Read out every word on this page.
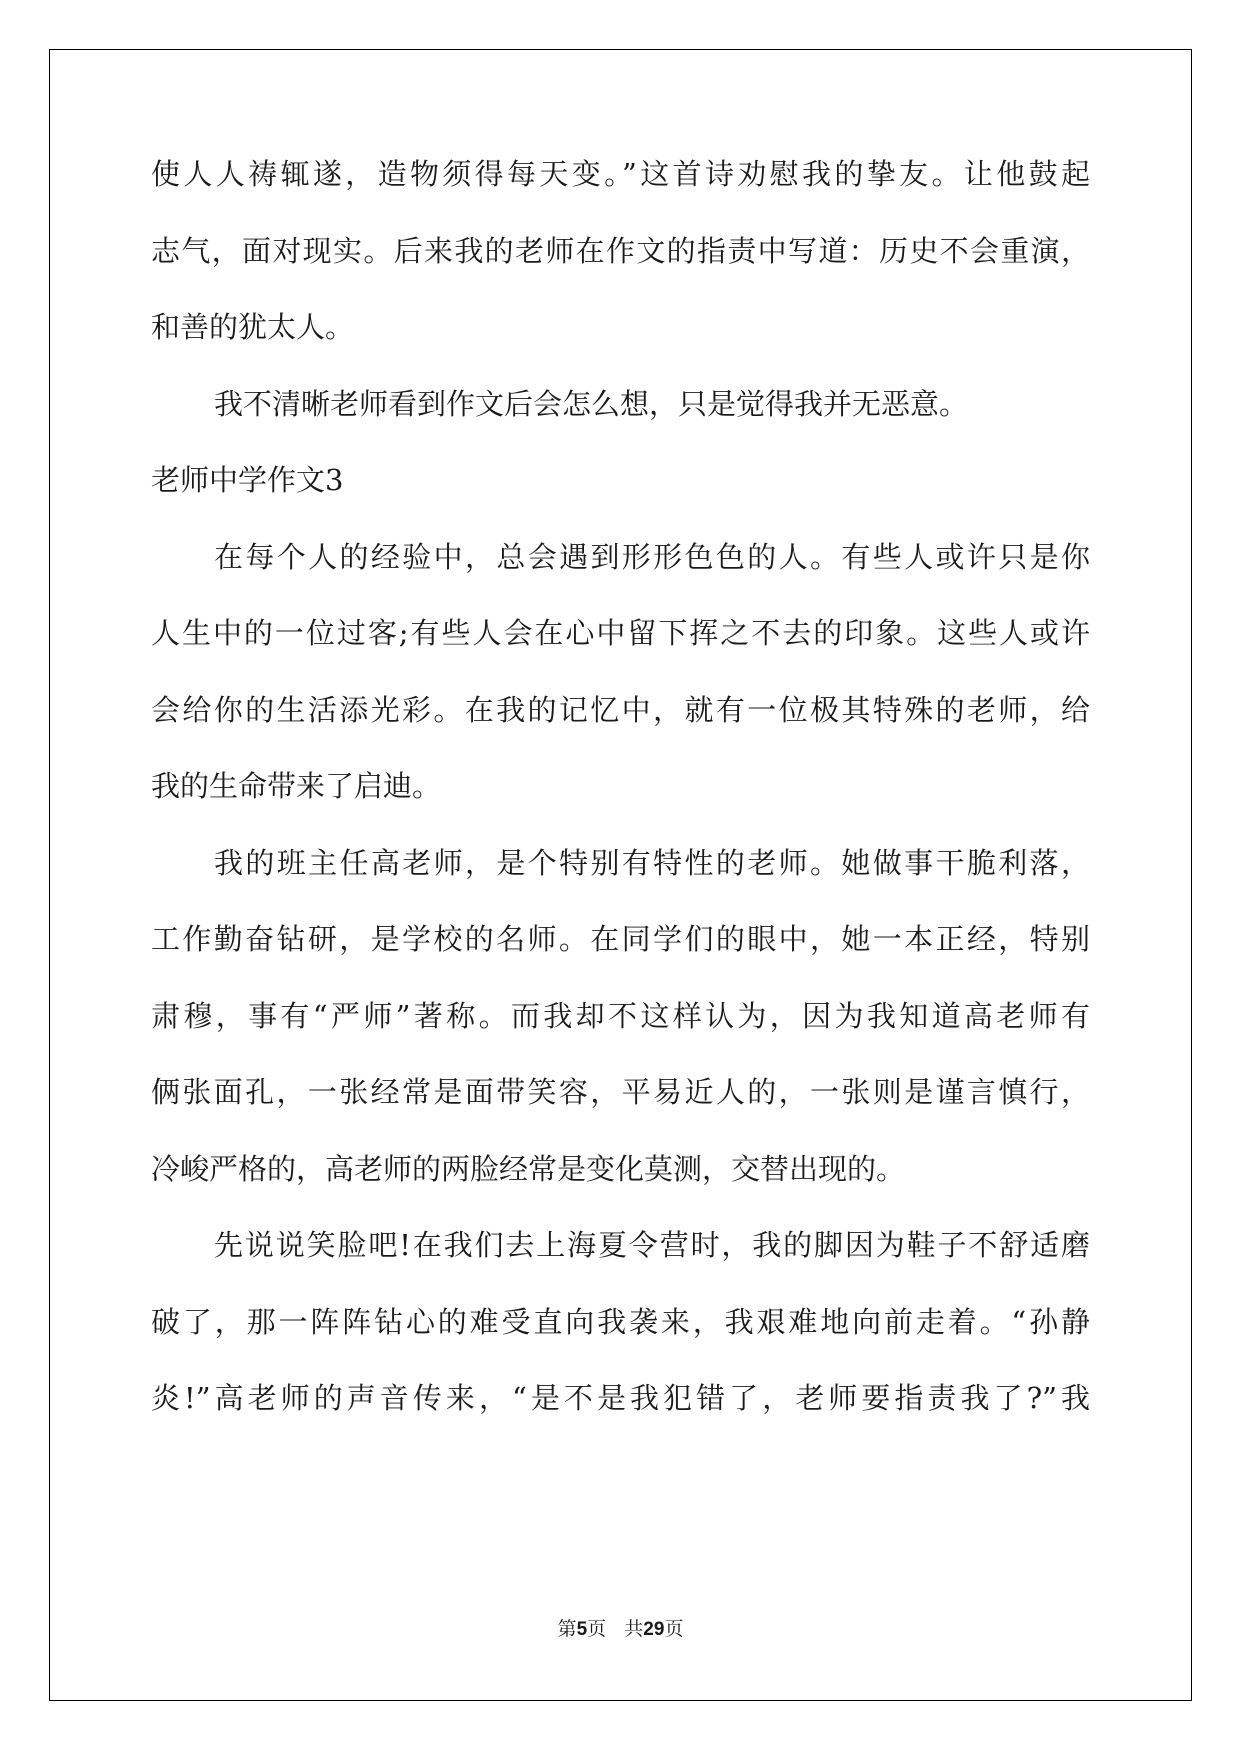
使人人祷辄遂，造物须得每天变。”这首诗劝慰我的挚友。让他鼓起
志气，面对现实。后来我的老师在作文的指责中写道：历史不会重演，
和善的犹太人。
我不清晰老师看到作文后会怎么想，只是觉得我并无恶意。
老师中学作文3
在每个人的经验中，总会遇到形形色色的人。有些人或许只是你
人生中的一位过客;有些人会在心中留下挥之不去的印象。这些人或许
会给你的生活添光彩。在我的记忆中，就有一位极其特殊的老师，给
我的生命带来了启迪。
我的班主任高老师，是个特别有特性的老师。她做事干脆利落，
工作勤奋钻研，是学校的名师。在同学们的眼中，她一本正经，特别
肃穆，事有“严师”著称。而我却不这样认为，因为我知道高老师有
俩张面孔，一张经常是面带笑容，平易近人的，一张则是谨言慎行，
冷峻严格的，高老师的两脸经常是变化莫测，交替出现的。
先说说笑脸吧!在我们去上海夏令营时，我的脚因为鞋子不舒适磨
破了，那一阵阵钻心的难受直向我袭来，我艰难地向前走着。“孙静
炎!”高老师的声音传来，“是不是我犯错了，老师要指责我了?”我
第5页 共29页
